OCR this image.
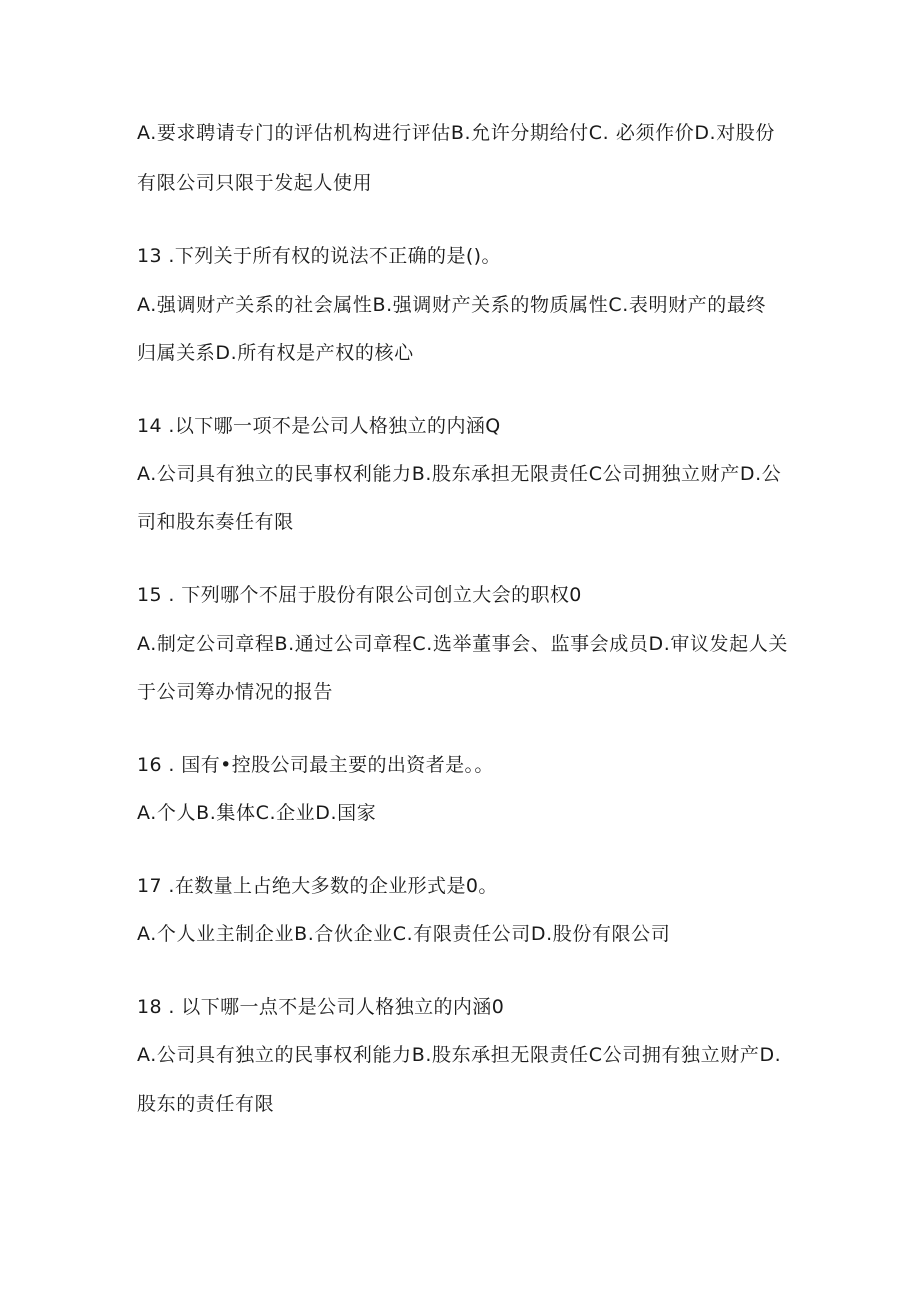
A.要求聘请专门的评估机构进行评估B.允许分期给付C. 必须作价D.对股份
有限公司只限于发起人使用
13 .下列关于所有权的说法不正确的是()。
A.强调财产关系的社会属性B.强调财产关系的物质属性C.表明财产的最终
归属关系D.所有权是产权的核心
14 .以下哪一项不是公司人格独立的内涵Q
A.公司具有独立的民事权利能力B.股东承担无限责任C公司拥独立财产D.公
司和股东奏任有限
15 . 下列哪个不屈于股份有限公司创立大会的职权0
A.制定公司章程B.通过公司章程C.选举董事会、监事会成员D.审议发起人关
于公司筹办情况的报告
16 . 国有•控股公司最主要的出资者是。。
A.个人B.集体C.企业D.国家
17 .在数量上占绝大多数的企业形式是0。
A.个人业主制企业B.合伙企业C.有限责任公司D.股份有限公司
18 . 以下哪一点不是公司人格独立的内涵0
A.公司具有独立的民事权利能力B.股东承担无限责任C公司拥有独立财产D.
股东的责任有限
